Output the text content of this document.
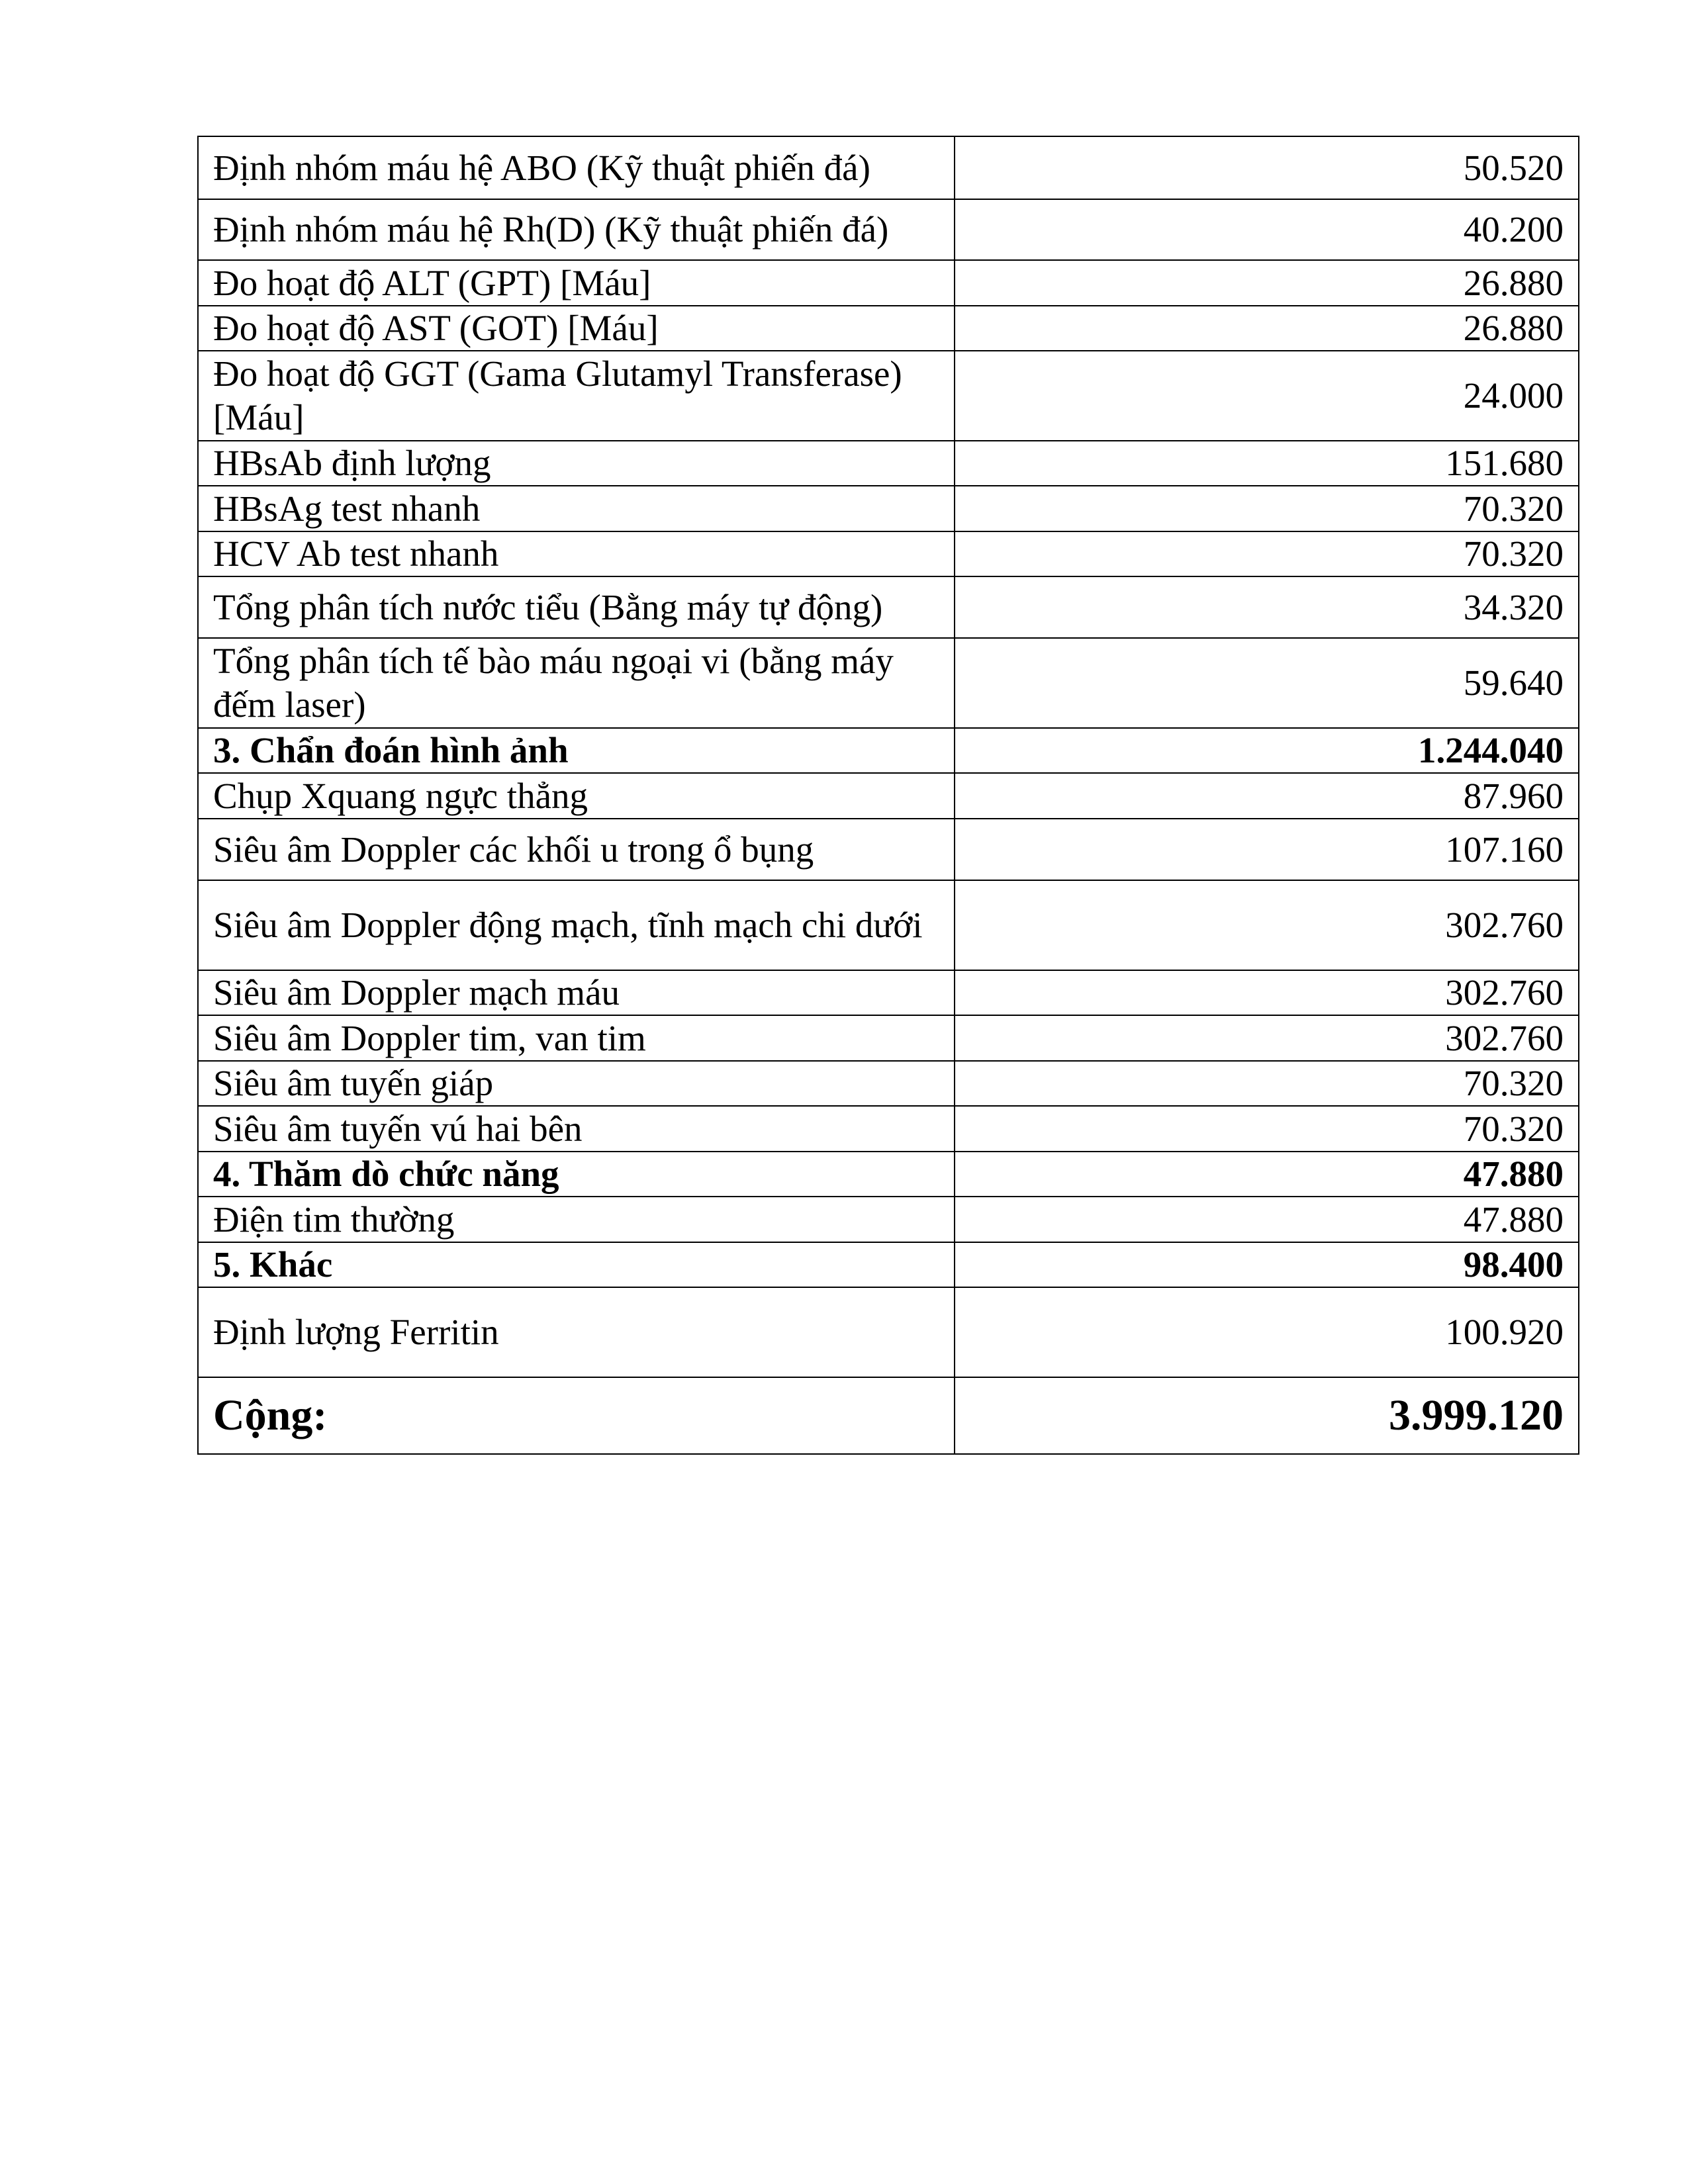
Định nhóm máu hệ ABO (Kỹ thuật phiến đá)	50.520
Định nhóm máu hệ Rh(D) (Kỹ thuật phiến đá)	40.200
Đo hoạt độ ALT (GPT) [Máu]	26.880
Đo hoạt độ AST (GOT) [Máu]	26.880
Đo hoạt độ GGT (Gama Glutamyl Transferase) [Máu]	24.000
HBsAb định lượng	151.680
HBsAg test nhanh	70.320
HCV Ab test nhanh	70.320
Tổng phân tích nước tiểu (Bằng máy tự động)	34.320
Tổng phân tích tế bào máu ngoại vi (bằng máy đếm laser)	59.640
3. Chẩn đoán hình ảnh	1.244.040
Chụp Xquang ngực thẳng	87.960
Siêu âm Doppler các khối u trong ổ bụng	107.160
Siêu âm Doppler động mạch, tĩnh mạch chi dưới	302.760
Siêu âm Doppler mạch máu	302.760
Siêu âm Doppler tim, van tim	302.760
Siêu âm tuyến giáp	70.320
Siêu âm tuyến vú hai bên	70.320
4. Thăm dò chức năng	47.880
Điện tim thường	47.880
5. Khác	98.400
Định lượng Ferritin	100.920
Cộng:	3.999.120
